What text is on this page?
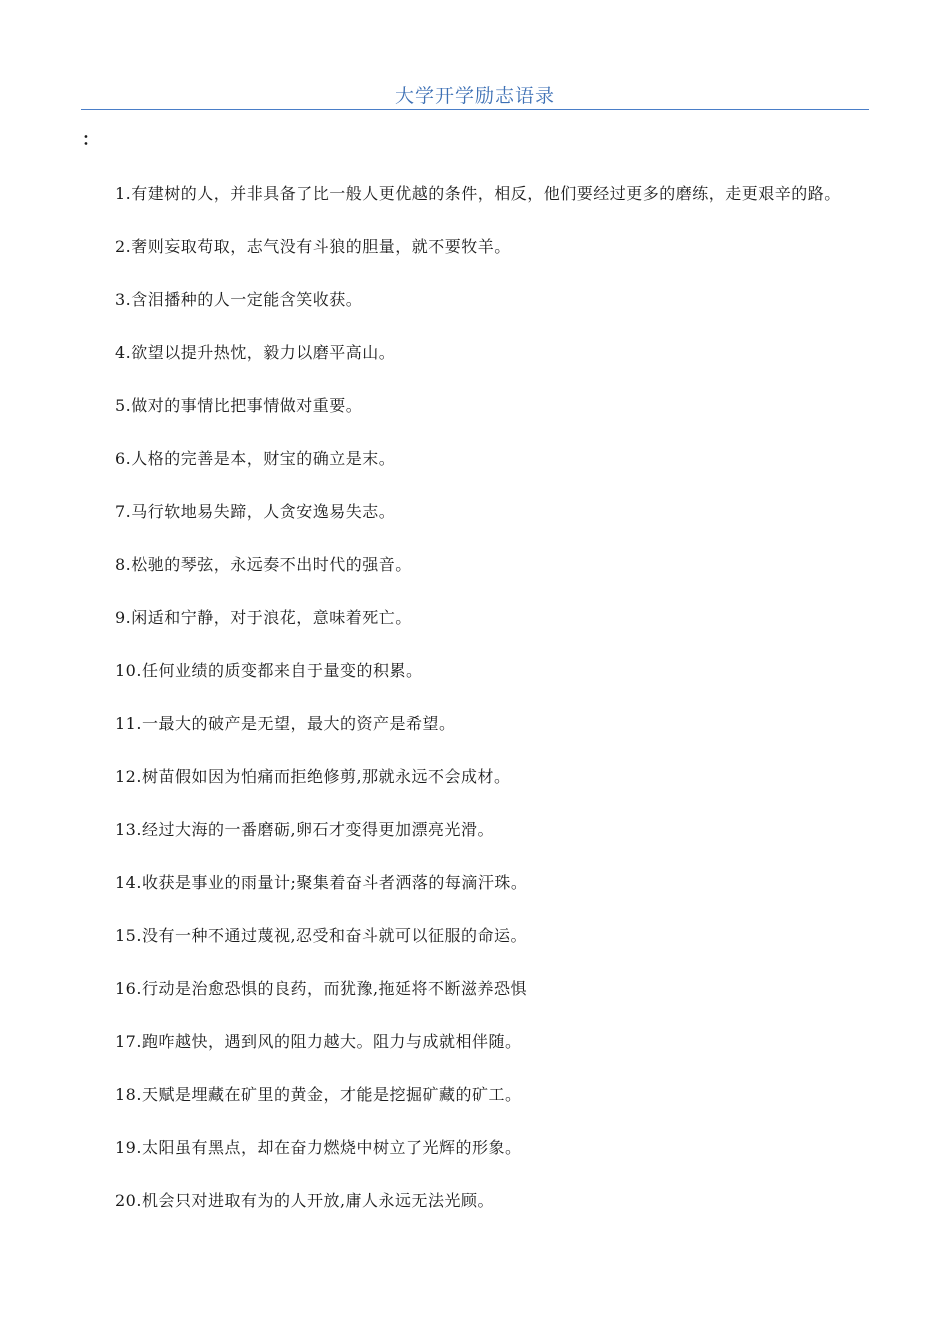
大学开学励志语录
：
1.有建树的人，并非具备了比一般人更优越的条件，相反，他们要经过更多的磨练，走更艰辛的路。
2.奢则妄取苟取，志气没有斗狼的胆量，就不要牧羊。
3.含泪播种的人一定能含笑收获。
4.欲望以提升热忱，毅力以磨平高山。
5.做对的事情比把事情做对重要。
6.人格的完善是本，财宝的确立是末。
7.马行软地易失蹄，人贪安逸易失志。
8.松驰的琴弦，永远奏不出时代的强音。
9.闲适和宁静，对于浪花，意味着死亡。
10.任何业绩的质变都来自于量变的积累。
11.一最大的破产是无望，最大的资产是希望。
12.树苗假如因为怕痛而拒绝修剪,那就永远不会成材。
13.经过大海的一番磨砺,卵石才变得更加漂亮光滑。
14.收获是事业的雨量计;聚集着奋斗者洒落的每滴汗珠。
15.没有一种不通过蔑视,忍受和奋斗就可以征服的命运。
16.行动是治愈恐惧的良药，而犹豫,拖延将不断滋养恐惧
17.跑咋越快，遇到风的阻力越大。阻力与成就相伴随。
18.天赋是埋藏在矿里的黄金，才能是挖掘矿藏的矿工。
19.太阳虽有黑点，却在奋力燃烧中树立了光辉的形象。
20.机会只对进取有为的人开放,庸人永远无法光顾。
